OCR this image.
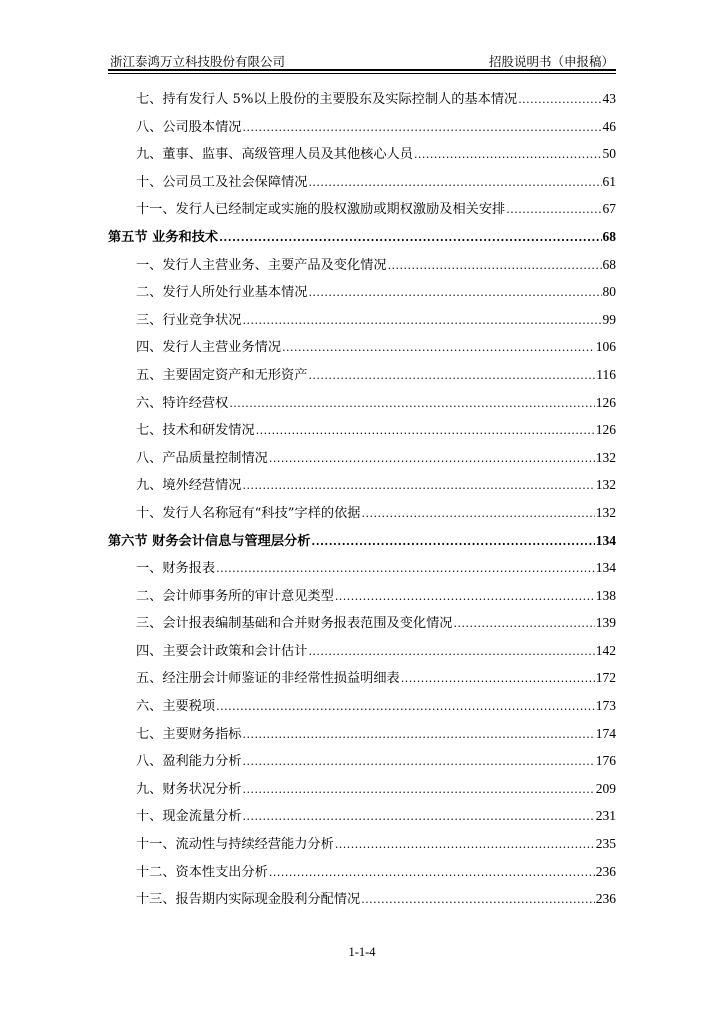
浙江泰鸿万立科技股份有限公司	招股说明书（申报稿）
七、持有发行人 5%以上股份的主要股东及实际控制人的基本情况 .....	43
八、公司股本情况 .....	46
九、董事、监事、高级管理人员及其他核心人员 .....	50
十、公司员工及社会保障情况 .....	61
十一、发行人已经制定或实施的股权激励或期权激励及相关安排 .....	67
第五节 业务和技术 .....	68
一、发行人主营业务、主要产品及变化情况 .....	68
二、发行人所处行业基本情况 .....	80
三、行业竞争状况 .....	99
四、发行人主营业务情况 .....	106
五、主要固定资产和无形资产 .....	116
六、特许经营权 .....	126
七、技术和研发情况 .....	126
八、产品质量控制情况 .....	132
九、境外经营情况 .....	132
十、发行人名称冠有“科技”字样的依据 .....	132
第六节 财务会计信息与管理层分析 .....	134
一、财务报表 .....	134
二、会计师事务所的审计意见类型 .....	138
三、会计报表编制基础和合并财务报表范围及变化情况 .....	139
四、主要会计政策和会计估计 .....	142
五、经注册会计师鉴证的非经常性损益明细表 .....	172
六、主要税项 .....	173
七、主要财务指标 .....	174
八、盈利能力分析 .....	176
九、财务状况分析 .....	209
十、现金流量分析 .....	231
十一、流动性与持续经营能力分析 .....	235
十二、资本性支出分析 .....	236
十三、报告期内实际现金股利分配情况 .....	236
1-1-4
